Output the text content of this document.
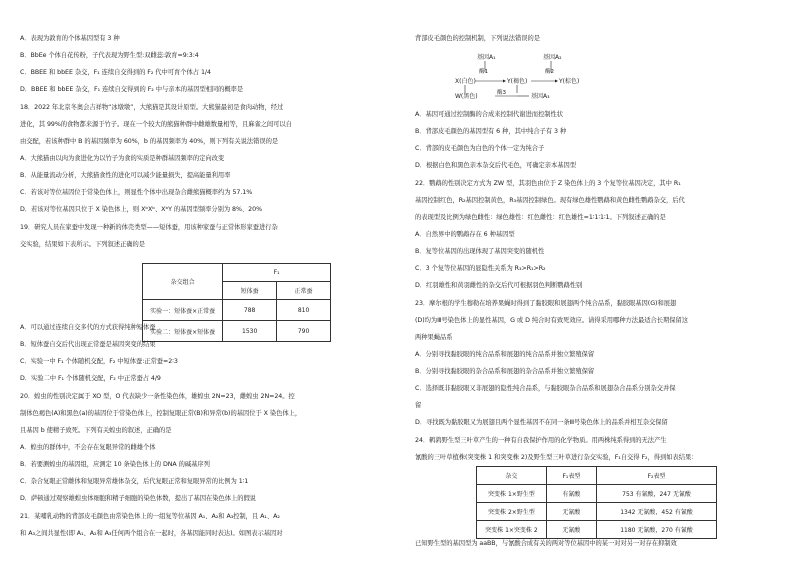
A．表现为敦育的个体基因型有 3 种
B．BbEe 个体自花传粉，子代表现为野生型:双雌蕊:敦育=9:3:4
C．BBEE 和 bbEE 杂交，F₁ 连续自交得到的 F₂ 代中可育个体占 1/4
D．BBEE 和 bbEE 杂交，F₁ 连续自交得到的 F₂ 中与亲本的基因型相同的概率是
18．2022 年北京冬奥会吉祥物“冰墩墩”，大熊猫是其设计原型。大熊猫最初是食肉动物，经过
进化，其 99%的食物都来源于竹子。现在一个较大的熊猫种群中雌雄数量相等，且麻雀之间可以自
由交配，若该种群中 B 的基因频率为 60%，b 的基因频率为 40%，则下列有关说法错误的是
A．大熊猫由以肉为食进化为以竹子为食的实质是种群基因频率的定向改变
B．从能量流动分析，大熊猫食性的进化可以减少能量损失，提高能量利用率
C．若该对等位基因位于常染色体上，则显性个体中出现杂合雌熊猫概率约为 57.1%
D．若该对等位基因只位于 X 染色体上，则 XᵇXᵇ、XᵇY 的基因型频率分别为 8%、20%
19．研究人员在家蚕中发现一种新的体壳类型——短体蚕，用该种家蚕与正常体形家蚕进行杂
交实验，结果如下表所示。下列叙述正确的是
杂交组合	F₁	
	短体蚕	正常蚕
实验一：短体蚕×正常蚕	788	810
实验二：短体蚕×短体蚕	1530	790
A．可以通过连续自交多代的方式获得纯种短体蚕
B．短体蚕自交后代出现正常蚕是基因突变的结果
C．实验一中 F₁ 个体随机交配，F₂ 中短体蚕:正常蚕=2∶3
D．实验二中 F₁ 个体随机交配，F₂ 中正常蚕占 4/9
20．蝗虫的性别决定属于 XO 型，O 代表缺少一条性染色体，雄蝗虫 2N=23，雌蝗虫 2N=24。控
制体色褐色(A)和黑色(a)的基因位于常染色体上，控制复眼正常(B)和异常(b)的基因位于 X 染色体上，
且基因 b 使精子致死。下列有关蝗虫的叙述，正确的是
A．蝗虫的群体中，不会存在复眼异常的雌雄个体
B．若要测蝗虫的基因组，应测定 10 条染色体上的 DNA 的碱基序列
C．杂合复眼正常雌体和复眼异常雄体杂交，后代复眼正常和复眼异常的比例为 1∶1
D．萨顿通过观察雄蝗虫体细胞和精子细胞的染色体数，提出了基因在染色体上的假说
21．某哺乳动物的背部皮毛颜色由常染色体上的一组复等位基因 A₁、A₂和 A₃控制，且 A₁、A₂
和 A₃之间共显性(即 A₁、A₂和 A₃任何两个组合在一起时，各基因能同时表达)。如图表示基因对
背部皮毛颜色的控制机制，下列说法错误的是
基因A₁	基因A₂
酶1	酶2
X(白色)	Y(褐色)	Y(棕色)
W(黑色)	酶3	基因A₃
A．基因可通过控制酶的合成来控制代谢进而控制性状
B．背部皮毛颜色的基因型有 6 种，其中纯合子有 3 种
C．背部的皮毛颜色为白色的个体一定为纯合子
D．根据白色和黑色亲本杂交后代毛色，可确定亲本基因型
22．鹦鹉的性别决定方式为 ZW 型，其羽色由位于 Z 染色体上的 3 个复等位基因决定，其中 R₁
基因控制红色，R₂基因控制黄色，R₃基因控制绿色。现有绿色雄性鹦鹉和黄色雌性鹦鹉杂交，后代
的表现型及比例为绿色雌性：绿色雄性：红色雌性：红色雄性=1∶1∶1∶1。下列叙述正确的是
A．自然界中的鹦鹉存在 6 种基因型
B．复等位基因的出现体现了基因突变的随机性
C．3 个复等位基因的显隐性关系为 R₃>R₁>R₂
D．红羽雄性和黄羽雌性的杂交后代可根据羽色判断鹦鹉性别
23．摩尔根的学生穆勒在培养果蝇时得到了黏胶眼和展翅两个纯合品系，黏胶眼基因(G)和展翅
(D)均为Ⅲ号染色体上的显性基因，G 或 D 纯合时有致死效应。请得采用哪种方法最适合长期保留这
两种果蝇品系
A．分别寻找黏胶眼的纯合品系和展翅的纯合品系并独立繁殖保留
B．分别寻找黏胶眼的杂合品系和展翅的杂合品系并独立繁殖保留
C．选择既非黏胶眼又非展翅的隐性纯合品系，与黏胶眼杂合品系和展翅杂合品系分别杂交并保
留
D．寻找既为黏胶眼又为展翅且两个显性基因不在同一条Ⅲ号染色体上的品系并相互杂交保留
24．鹌鹑野生型三叶草产生的一种有自我保护作用的化学物质。用两株纯系得到的无法产生
氰酸的三叶草植株(突变株 1 和突变株 2)及野生型三叶草进行杂交实验，F₁自交得 F₂，得到如表结果：
杂交	F₁表型	F₂表型
突变株 1×野生型	有氰酸	753 有氰酸，247 无氰酸
突变株 2×野生型	无氰酸	1342 无氰酸，452 有氰酸
突变株 1×突变株 2	无氰酸	1180 无氰酸，270 有氰酸
已知野生型的基因型为 aaBB，与氰酸合成有关的两对等位基因中的某一对对另一对存在抑制效
